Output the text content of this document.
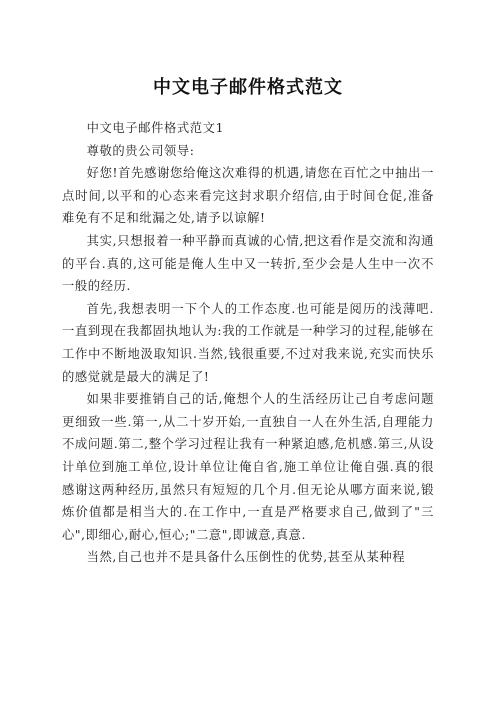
中文电子邮件格式范文

中文电子邮件格式范文1

尊敬的贵公司领导:

好您!首先感谢您给俺这次难得的机遇,请您在百忙之中抽出一点时间,以平和的心态来看完这封求职介绍信,由于时间仓促,准备难免有不足和纰漏之处,请予以谅解!

其实,只想报着一种平静而真诚的心情,把这看作是交流和沟通的平台.真的,这可能是俺人生中又一转折,至少会是人生中一次不一般的经历.

首先,我想表明一下个人的工作态度.也可能是阅历的浅薄吧.一直到现在我都固执地认为:我的工作就是一种学习的过程,能够在工作中不断地汲取知识.当然,钱很重要,不过对我来说,充实而快乐的感觉就是最大的满足了!

如果非要推销自己的话,俺想个人的生活经历让己自考虑问题更细致一些.第一,从二十岁开始,一直独自一人在外生活,自理能力不成问题.第二,整个学习过程让我有一种紧迫感,危机感.第三,从设计单位到施工单位,设计单位让俺自省,施工单位让俺自强.真的很感谢这两种经历,虽然只有短短的几个月.但无论从哪方面来说,锻炼价值都是相当大的.在工作中,一直是严格要求自己,做到了"三心",即细心,耐心,恒心;"二意",即诚意,真意.

当然,自己也并不是具备什么压倒性的优势,甚至从某种程
